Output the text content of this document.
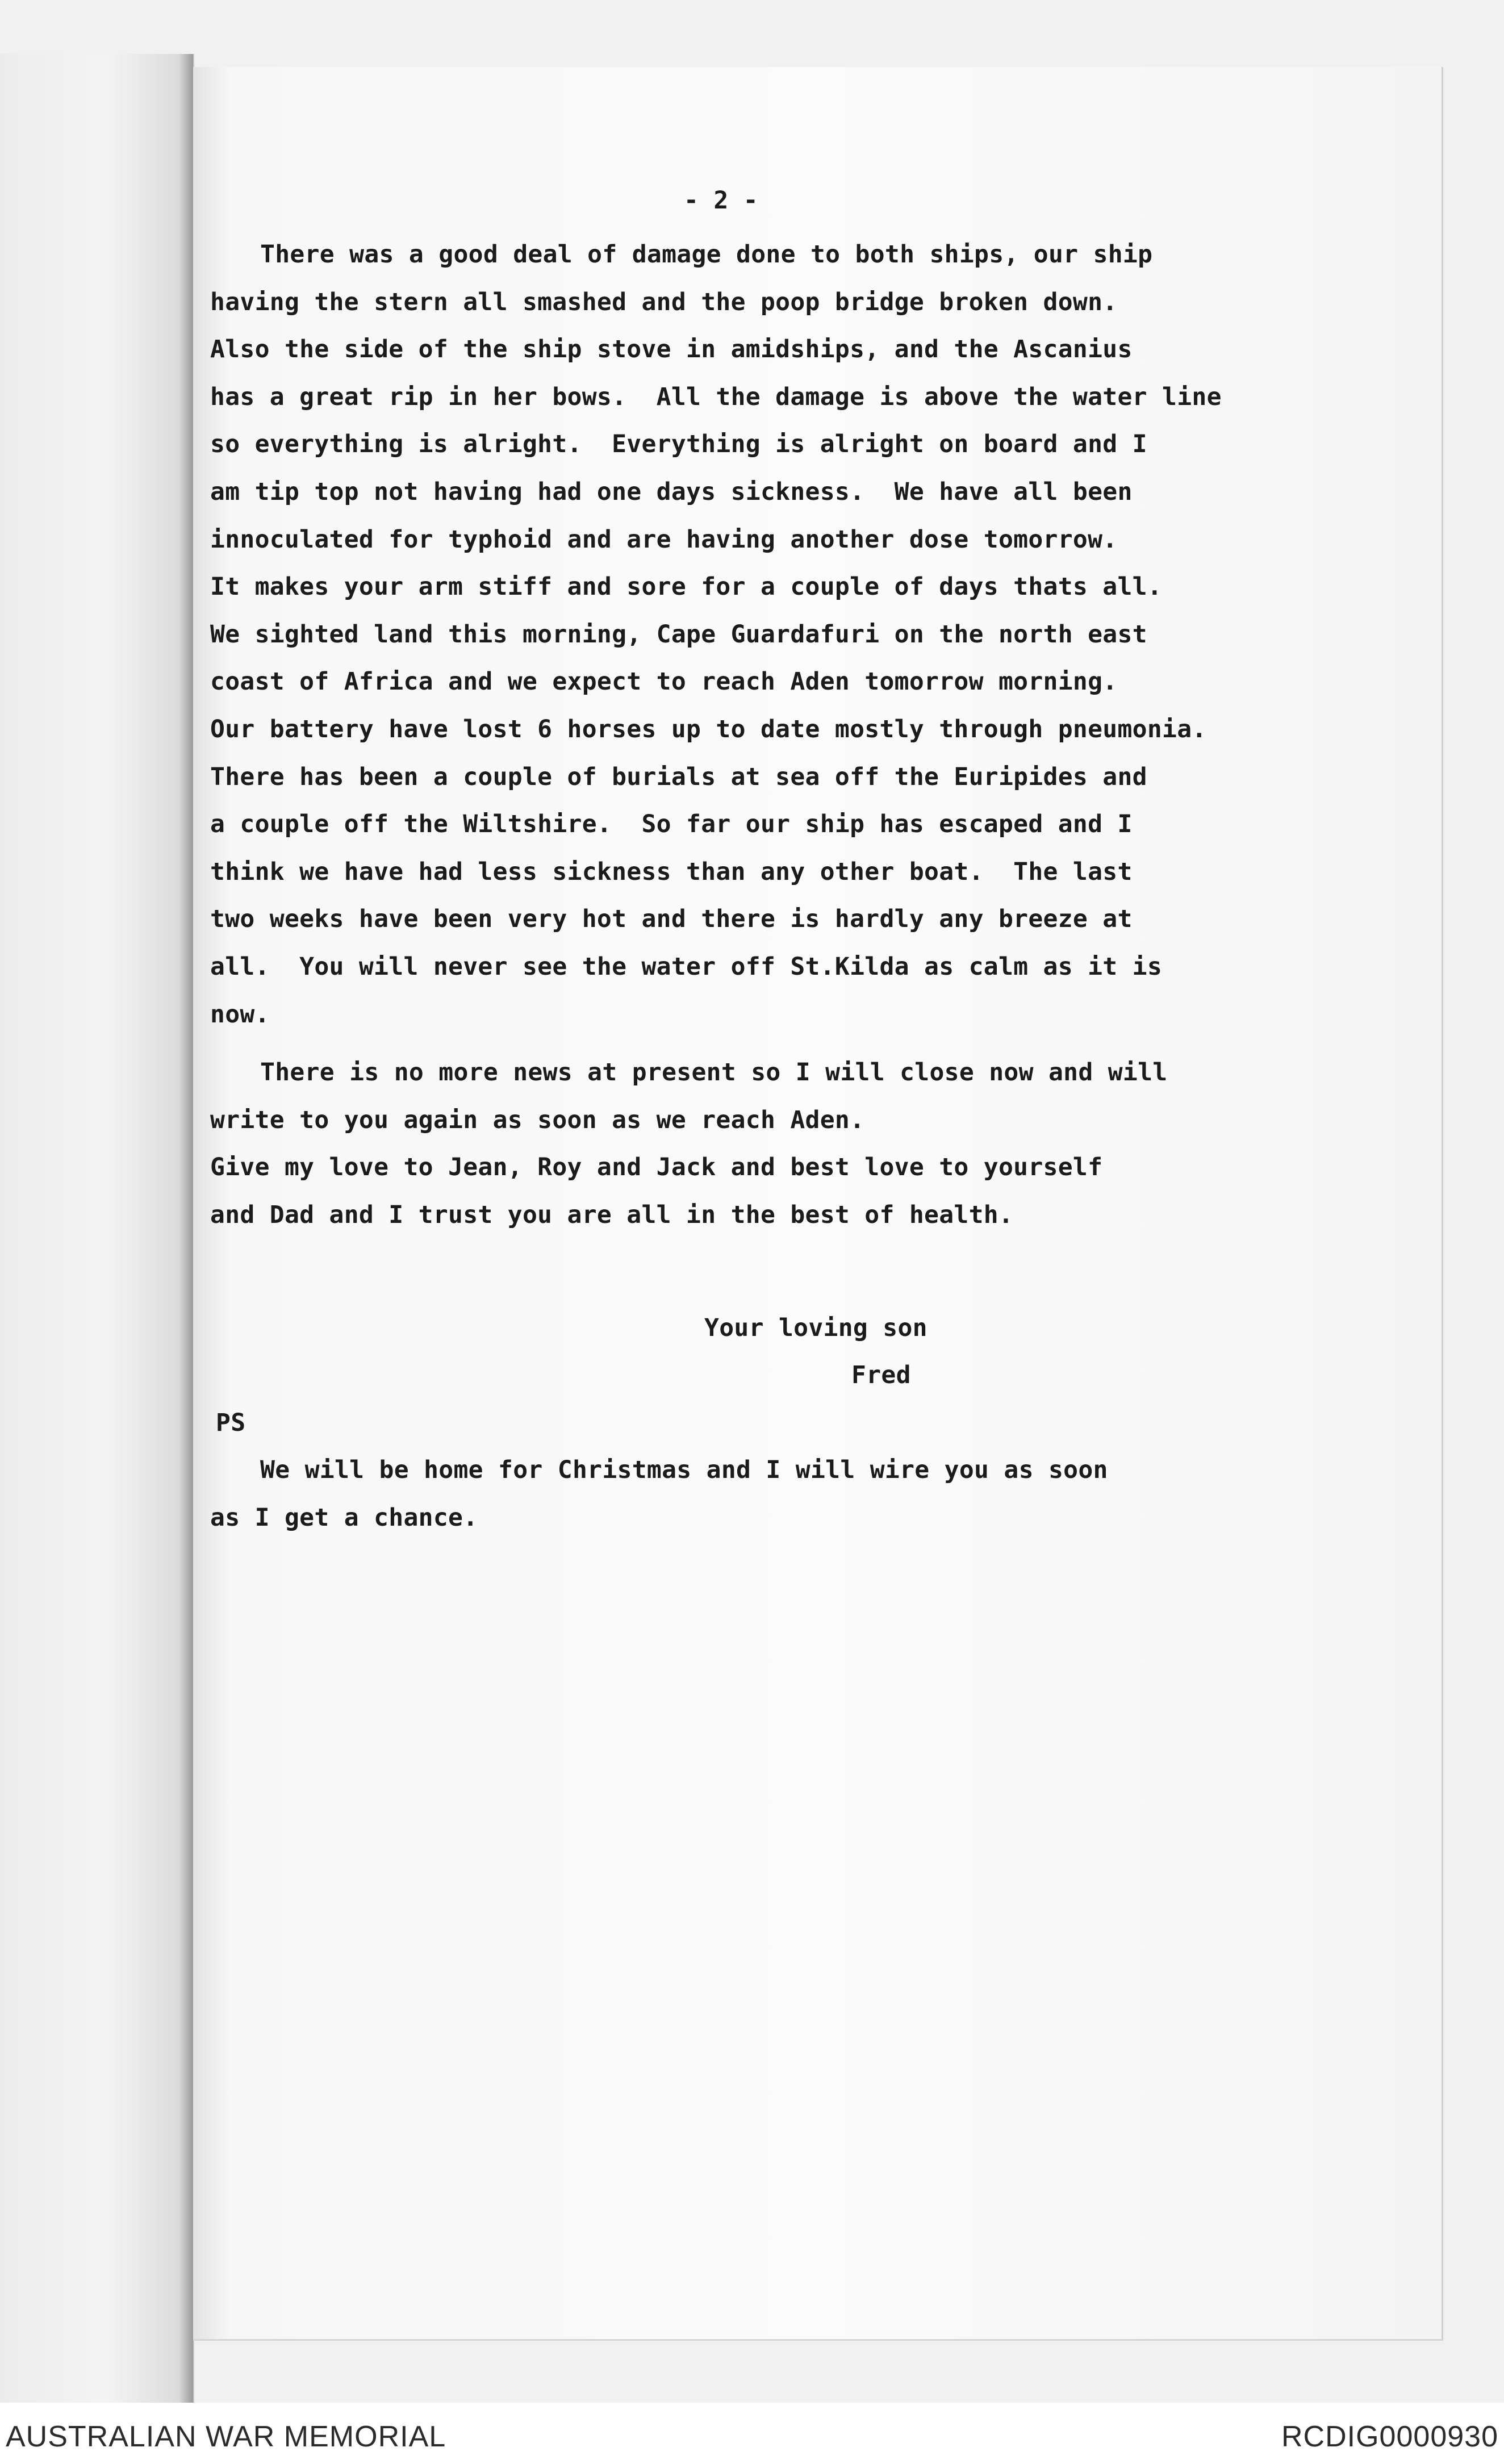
- 2 -
There was a good deal of damage done to both ships, our ship
having the stern all smashed and the poop bridge broken down.
Also the side of the ship stove in amidships, and the Ascanius
has a great rip in her bows.  All the damage is above the water line
so everything is alright.  Everything is alright on board and I
am tip top not having had one days sickness.  We have all been
innoculated for typhoid and are having another dose tomorrow.
It makes your arm stiff and sore for a couple of days thats all.
We sighted land this morning, Cape Guardafuri on the north east
coast of Africa and we expect to reach Aden tomorrow morning.
Our battery have lost 6 horses up to date mostly through pneumonia.
There has been a couple of burials at sea off the Euripides and
a couple off the Wiltshire.  So far our ship has escaped and I
think we have had less sickness than any other boat.  The last
two weeks have been very hot and there is hardly any breeze at
all.  You will never see the water off St.Kilda as calm as it is
now.
There is no more news at present so I will close now and will
write to you again as soon as we reach Aden.
Give my love to Jean, Roy and Jack and best love to yourself
and Dad and I trust you are all in the best of health.
Your loving son
Fred
PS
We will be home for Christmas and I will wire you as soon
as I get a chance.
AUSTRALIAN WAR MEMORIAL	RCDIG0000930
